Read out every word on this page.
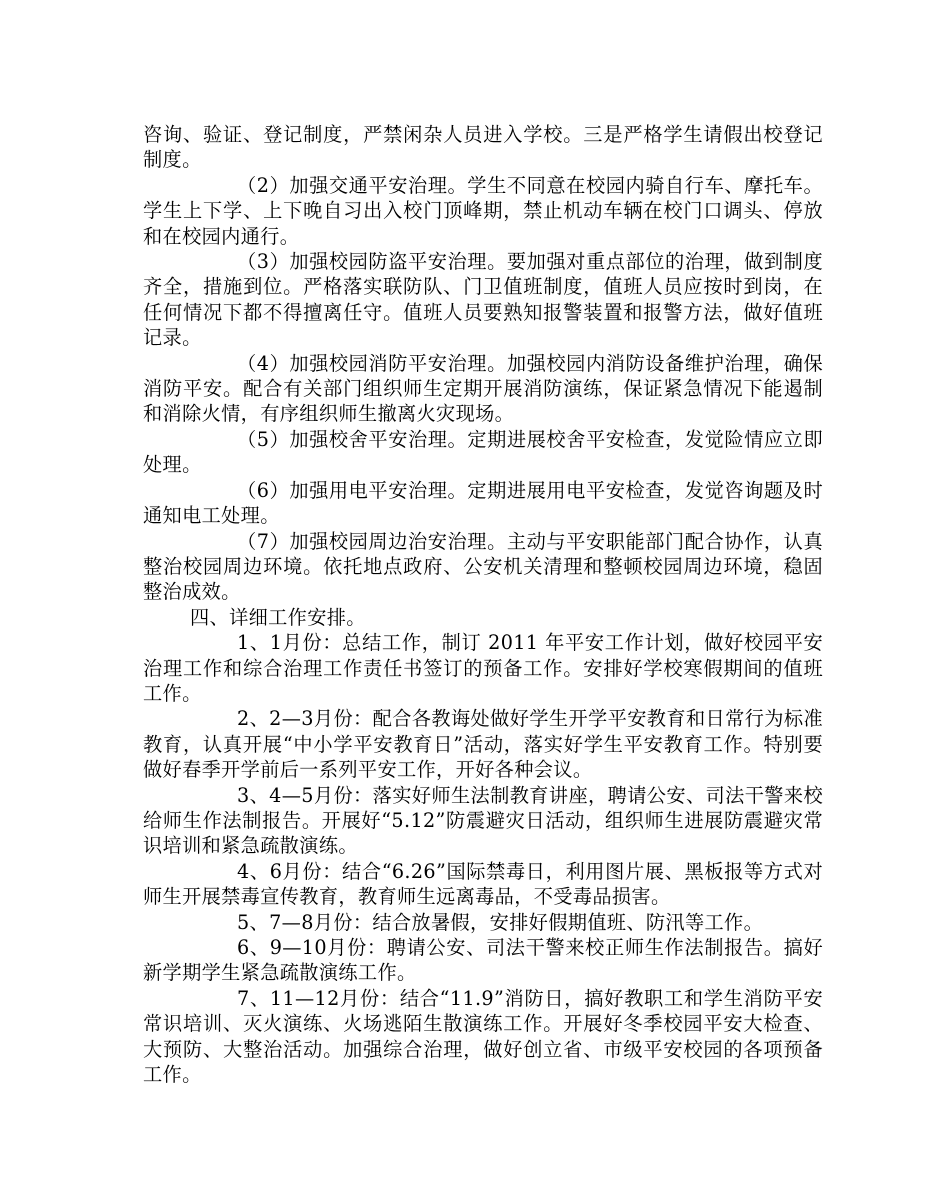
咨询、验证、登记制度，严禁闲杂人员进入学校。三是严格学生请假出校登记制度。

（2）加强交通平安治理。学生不同意在校园内骑自行车、摩托车。学生上下学、上下晚自习出入校门顶峰期，禁止机动车辆在校门口调头、停放和在校园内通行。

（3）加强校园防盗平安治理。要加强对重点部位的治理，做到制度齐全，措施到位。严格落实联防队、门卫值班制度，值班人员应按时到岗，在任何情况下都不得擅离任守。值班人员要熟知报警装置和报警方法，做好值班记录。

（4）加强校园消防平安治理。加强校园内消防设备维护治理，确保消防平安。配合有关部门组织师生定期开展消防演练，保证紧急情况下能遏制和消除火情，有序组织师生撤离火灾现场。

（5）加强校舍平安治理。定期进展校舍平安检查，发觉险情应立即处理。

（6）加强用电平安治理。定期进展用电平安检查，发觉咨询题及时通知电工处理。

（7）加强校园周边治安治理。主动与平安职能部门配合协作，认真整治校园周边环境。依托地点政府、公安机关清理和整顿校园周边环境，稳固整治成效。

四、详细工作安排。

1、1月份：总结工作，制订 2011 年平安工作计划，做好校园平安治理工作和综合治理工作责任书签订的预备工作。安排好学校寒假期间的值班工作。

2、2—3月份：配合各教诲处做好学生开学平安教育和日常行为标准教育，认真开展“中小学平安教育日”活动，落实好学生平安教育工作。特别要做好春季开学前后一系列平安工作，开好各种会议。

3、4—5月份：落实好师生法制教育讲座，聘请公安、司法干警来校给师生作法制报告。开展好“5.12”防震避灾日活动，组织师生进展防震避灾常识培训和紧急疏散演练。

4、6月份：结合“6.26”国际禁毒日，利用图片展、黑板报等方式对师生开展禁毒宣传教育，教育师生远离毒品，不受毒品损害。

5、7—8月份：结合放暑假，安排好假期值班、防汛等工作。

6、9—10月份：聘请公安、司法干警来校正师生作法制报告。搞好新学期学生紧急疏散演练工作。

7、11—12月份：结合“11.9”消防日，搞好教职工和学生消防平安常识培训、灭火演练、火场逃陌生散演练工作。开展好冬季校园平安大检查、大预防、大整治活动。加强综合治理，做好创立省、市级平安校园的各项预备工作。
